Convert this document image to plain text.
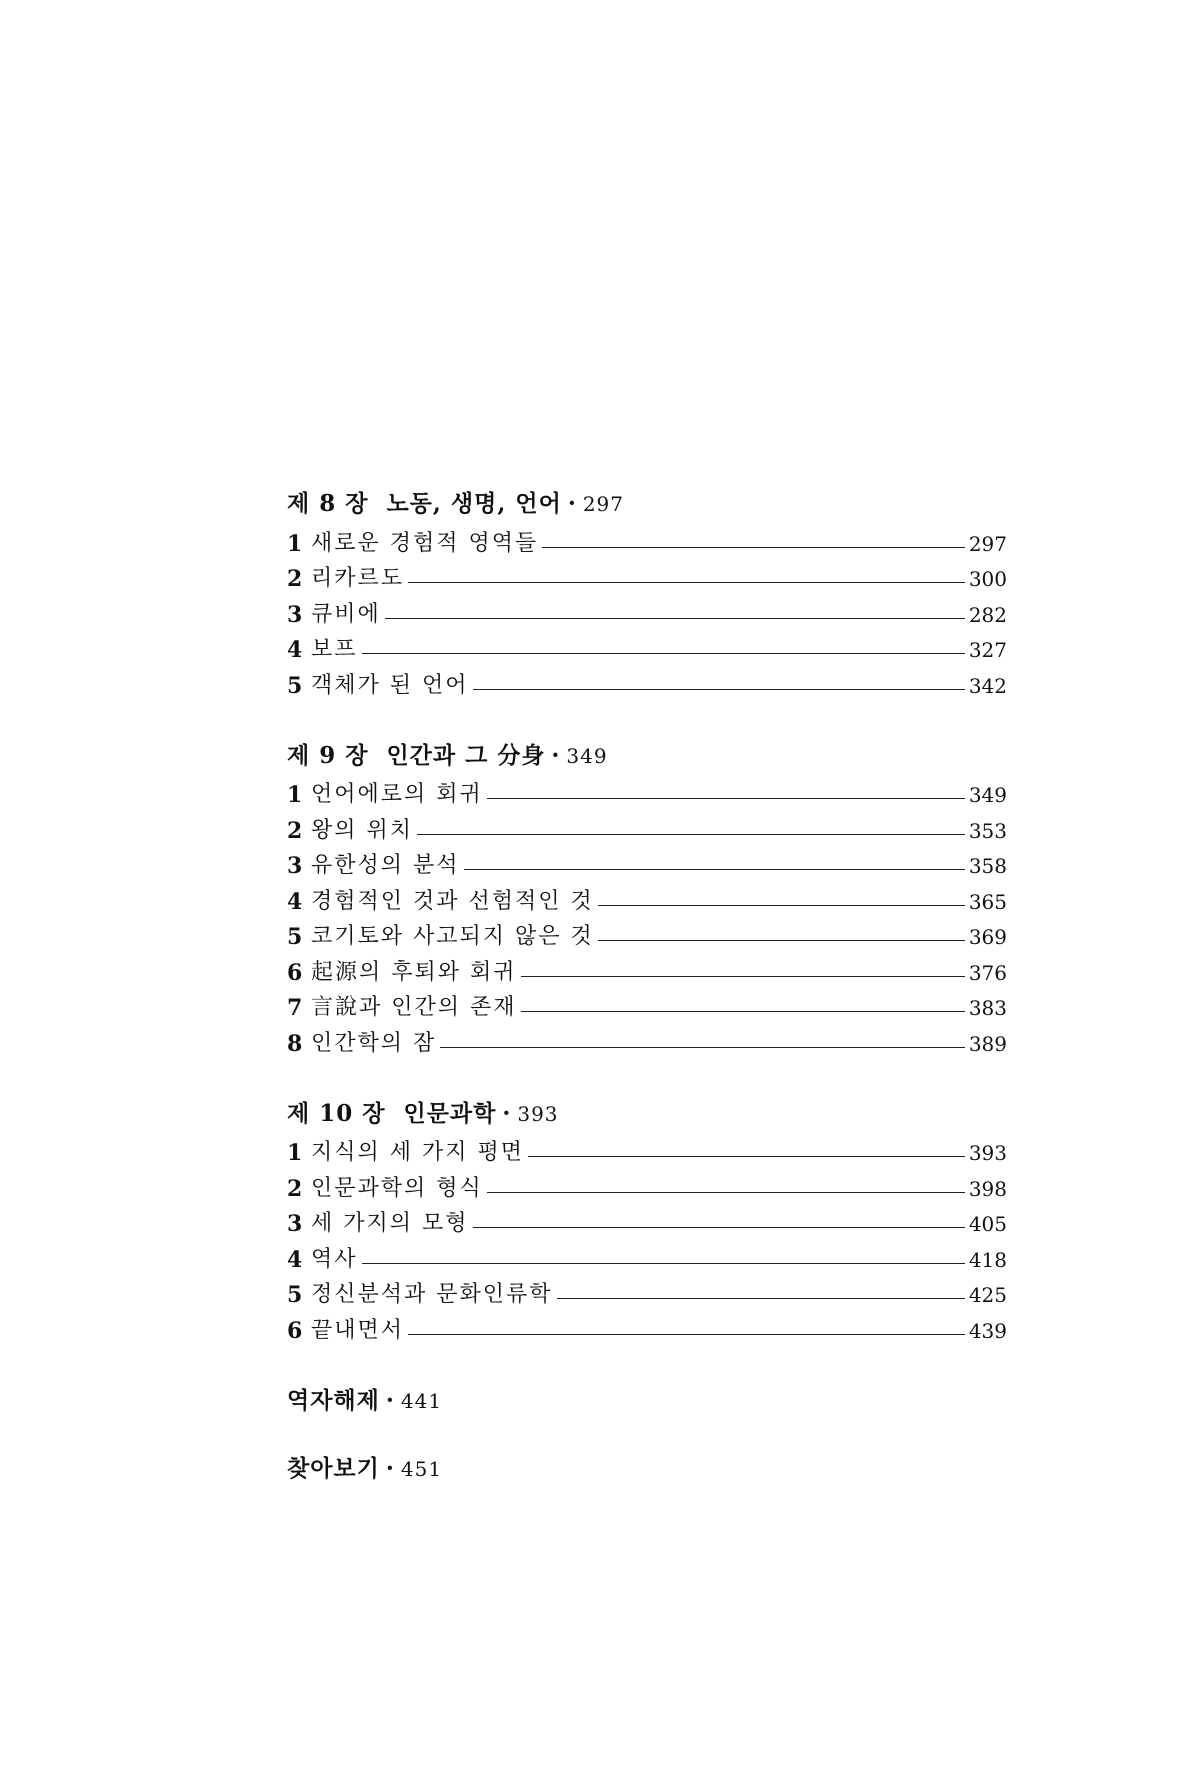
제 8 장 노동, 생명, 언어 · 297
1 새로운 경험적 영역들	297
2 리카르도	300
3 큐비에	282
4 보프	327
5 객체가 된 언어	342
제 9 장 인간과 그 分身 · 349
1 언어에로의 회귀	349
2 왕의 위치	353
3 유한성의 분석	358
4 경험적인 것과 선험적인 것	365
5 코기토와 사고되지 않은 것	369
6 起源의 후퇴와 회귀	376
7 言說과 인간의 존재	383
8 인간학의 잠	389
제 10 장 인문과학 · 393
1 지식의 세 가지 평면	393
2 인문과학의 형식	398
3 세 가지의 모형	405
4 역사	418
5 정신분석과 문화인류학	425
6 끝내면서	439
역자해제 · 441
찾아보기 · 451
